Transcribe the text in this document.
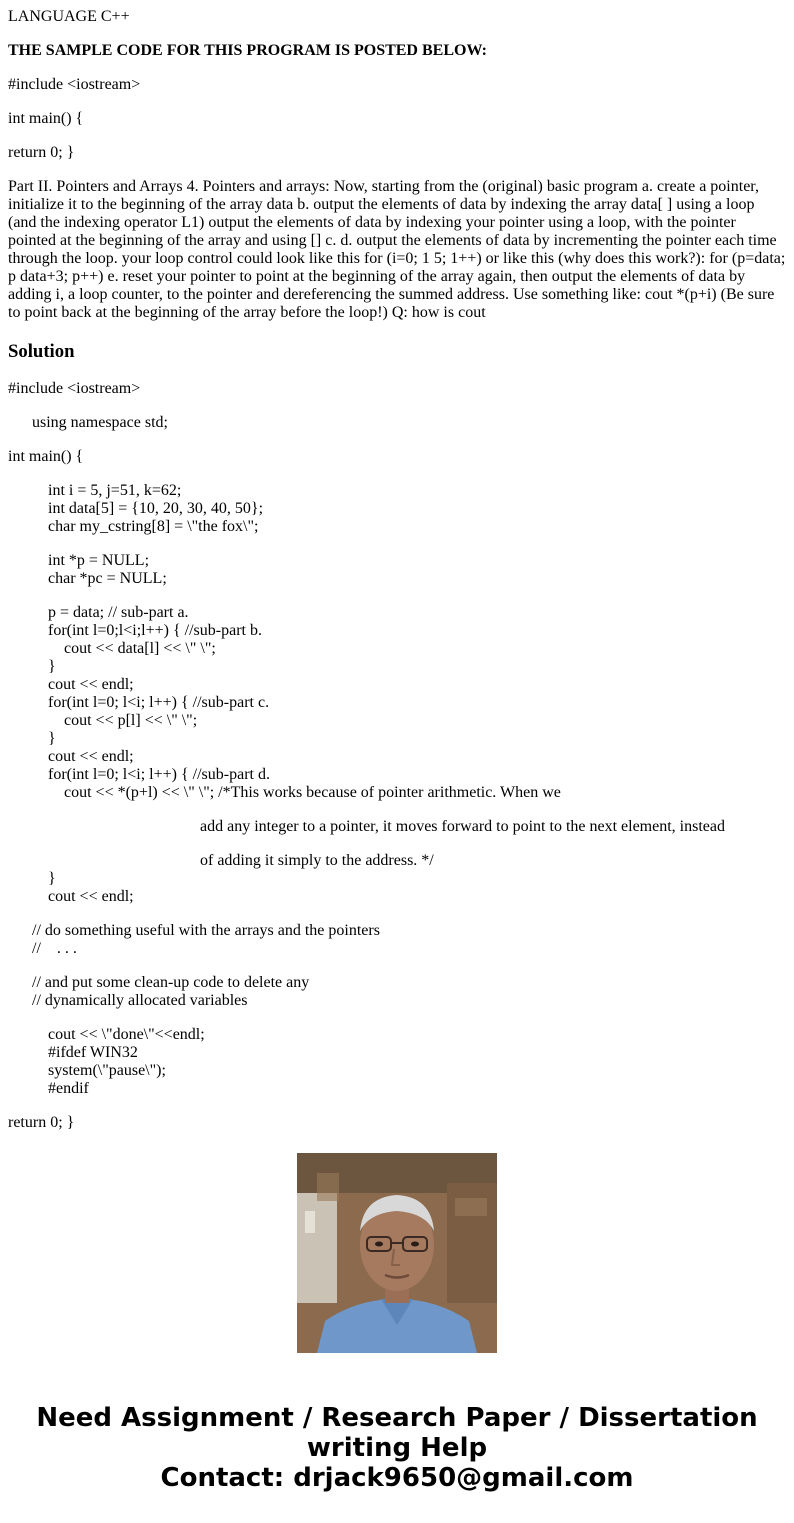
LANGUAGE C++

THE SAMPLE CODE FOR THIS PROGRAM IS POSTED BELOW:

#include <iostream>

int main() {

return 0; }

Part II. Pointers and Arrays 4. Pointers and arrays: Now, starting from the (original) basic program a. create a pointer, initialize it to the beginning of the array data b. output the elements of data by indexing the array data[ ] using a loop (and the indexing operator L1) output the elements of data by indexing your pointer using a loop, with the pointer pointed at the beginning of the array and using [] c. d. output the elements of data by incrementing the pointer each time through the loop. your loop control could look like this for (i=0; 1 5; 1++) or like this (why does this work?): for (p=data; p data+3; p++) e. reset your pointer to point at the beginning of the array again, then output the elements of data by adding i, a loop counter, to the pointer and dereferencing the summed address. Use something like: cout *(p+i) (Be sure to point back at the beginning of the array before the loop!) Q: how is cout

Solution
#include <iostream>
using namespace std;
int main() {
int i = 5, j=51, k=62;
int data[5] = {10, 20, 30, 40, 50};
char my_cstring[8] = \"the fox\";
int *p = NULL;
char *pc = NULL;
p = data; // sub-part a.
for(int l=0;l<i;l++) { //sub-part b.
cout << data[l] << \" \";
}
cout << endl;
for(int l=0; l<i; l++) { //sub-part c.
cout << p[l] << \" \";
}
cout << endl;
for(int l=0; l<i; l++) { //sub-part d.
cout << *(p+l) << \" \"; /*This works because of pointer arithmetic. When we
add any integer to a pointer, it moves forward to point to the next element, instead
of adding it simply to the address. */
}
cout << endl;
// do something useful with the arrays and the pointers
//    . . .
// and put some clean-up code to delete any
// dynamically allocated variables
cout << \"done\"<<endl;
#ifdef WIN32
system(\"pause\");
#endif
return 0; }
Need Assignment / Research Paper / Dissertation
writing Help
Contact: drjack9650@gmail.com
